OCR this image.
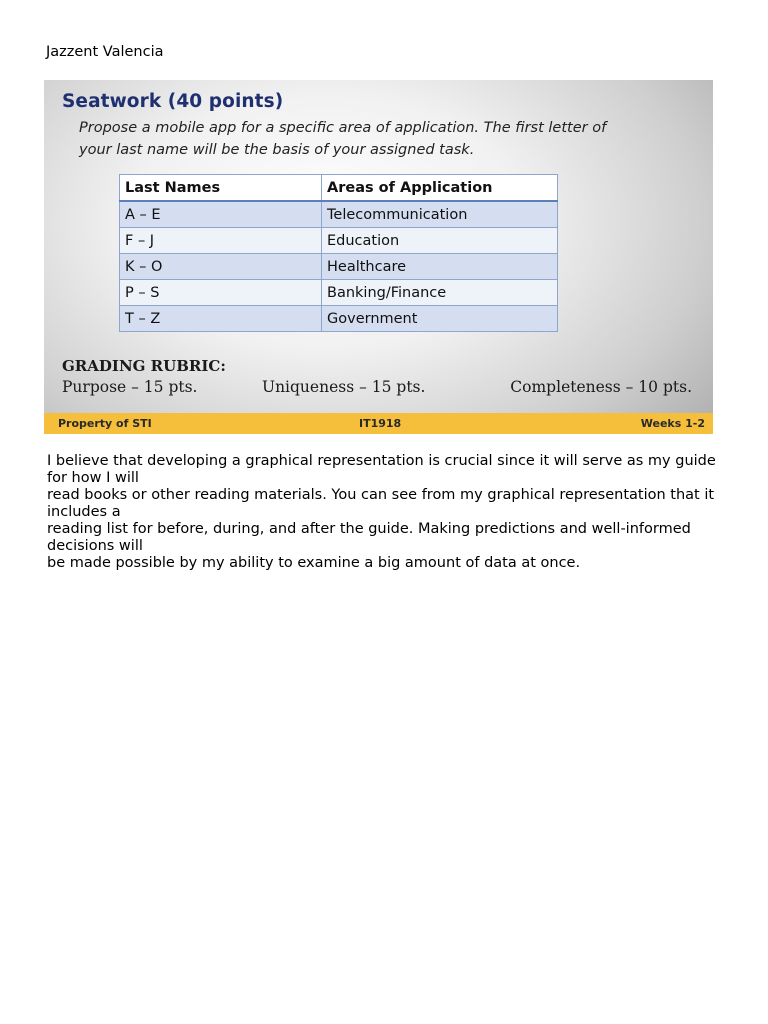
Jazzent Valencia
Seatwork (40 points)
Propose a mobile app for a specific area of application. The first letter of
your last name will be the basis of your assigned task.
Last Names	Areas of Application
A – E	Telecommunication
F – J	Education
K – O	Healthcare
P – S	Banking/Finance
T – Z	Government
GRADING RUBRIC:
Purpose – 15 pts.	Uniqueness – 15 pts.	Completeness – 10 pts.
Property of STI	IT1918	Weeks 1-2
I believe that developing a graphical representation is crucial since it will serve as my guide for how I will
read books or other reading materials. You can see from my graphical representation that it includes a
reading list for before, during, and after the guide. Making predictions and well-informed decisions will
be made possible by my ability to examine a big amount of data at once.
